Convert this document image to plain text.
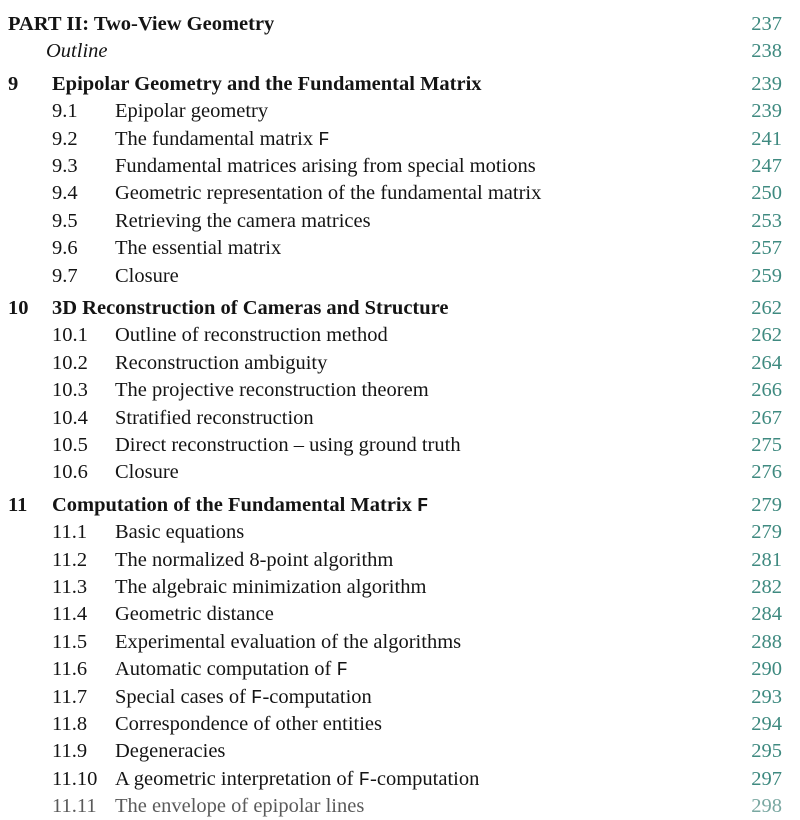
PART II: Two-View Geometry	237
Outline	238
9 Epipolar Geometry and the Fundamental Matrix	239
9.1 Epipolar geometry	239
9.2 The fundamental matrix F	241
9.3 Fundamental matrices arising from special motions	247
9.4 Geometric representation of the fundamental matrix	250
9.5 Retrieving the camera matrices	253
9.6 The essential matrix	257
9.7 Closure	259
10 3D Reconstruction of Cameras and Structure	262
10.1 Outline of reconstruction method	262
10.2 Reconstruction ambiguity	264
10.3 The projective reconstruction theorem	266
10.4 Stratified reconstruction	267
10.5 Direct reconstruction – using ground truth	275
10.6 Closure	276
11 Computation of the Fundamental Matrix F	279
11.1 Basic equations	279
11.2 The normalized 8-point algorithm	281
11.3 The algebraic minimization algorithm	282
11.4 Geometric distance	284
11.5 Experimental evaluation of the algorithms	288
11.6 Automatic computation of F	290
11.7 Special cases of F-computation	293
11.8 Correspondence of other entities	294
11.9 Degeneracies	295
11.10 A geometric interpretation of F-computation	297
11.11 The envelope of epipolar lines	298
